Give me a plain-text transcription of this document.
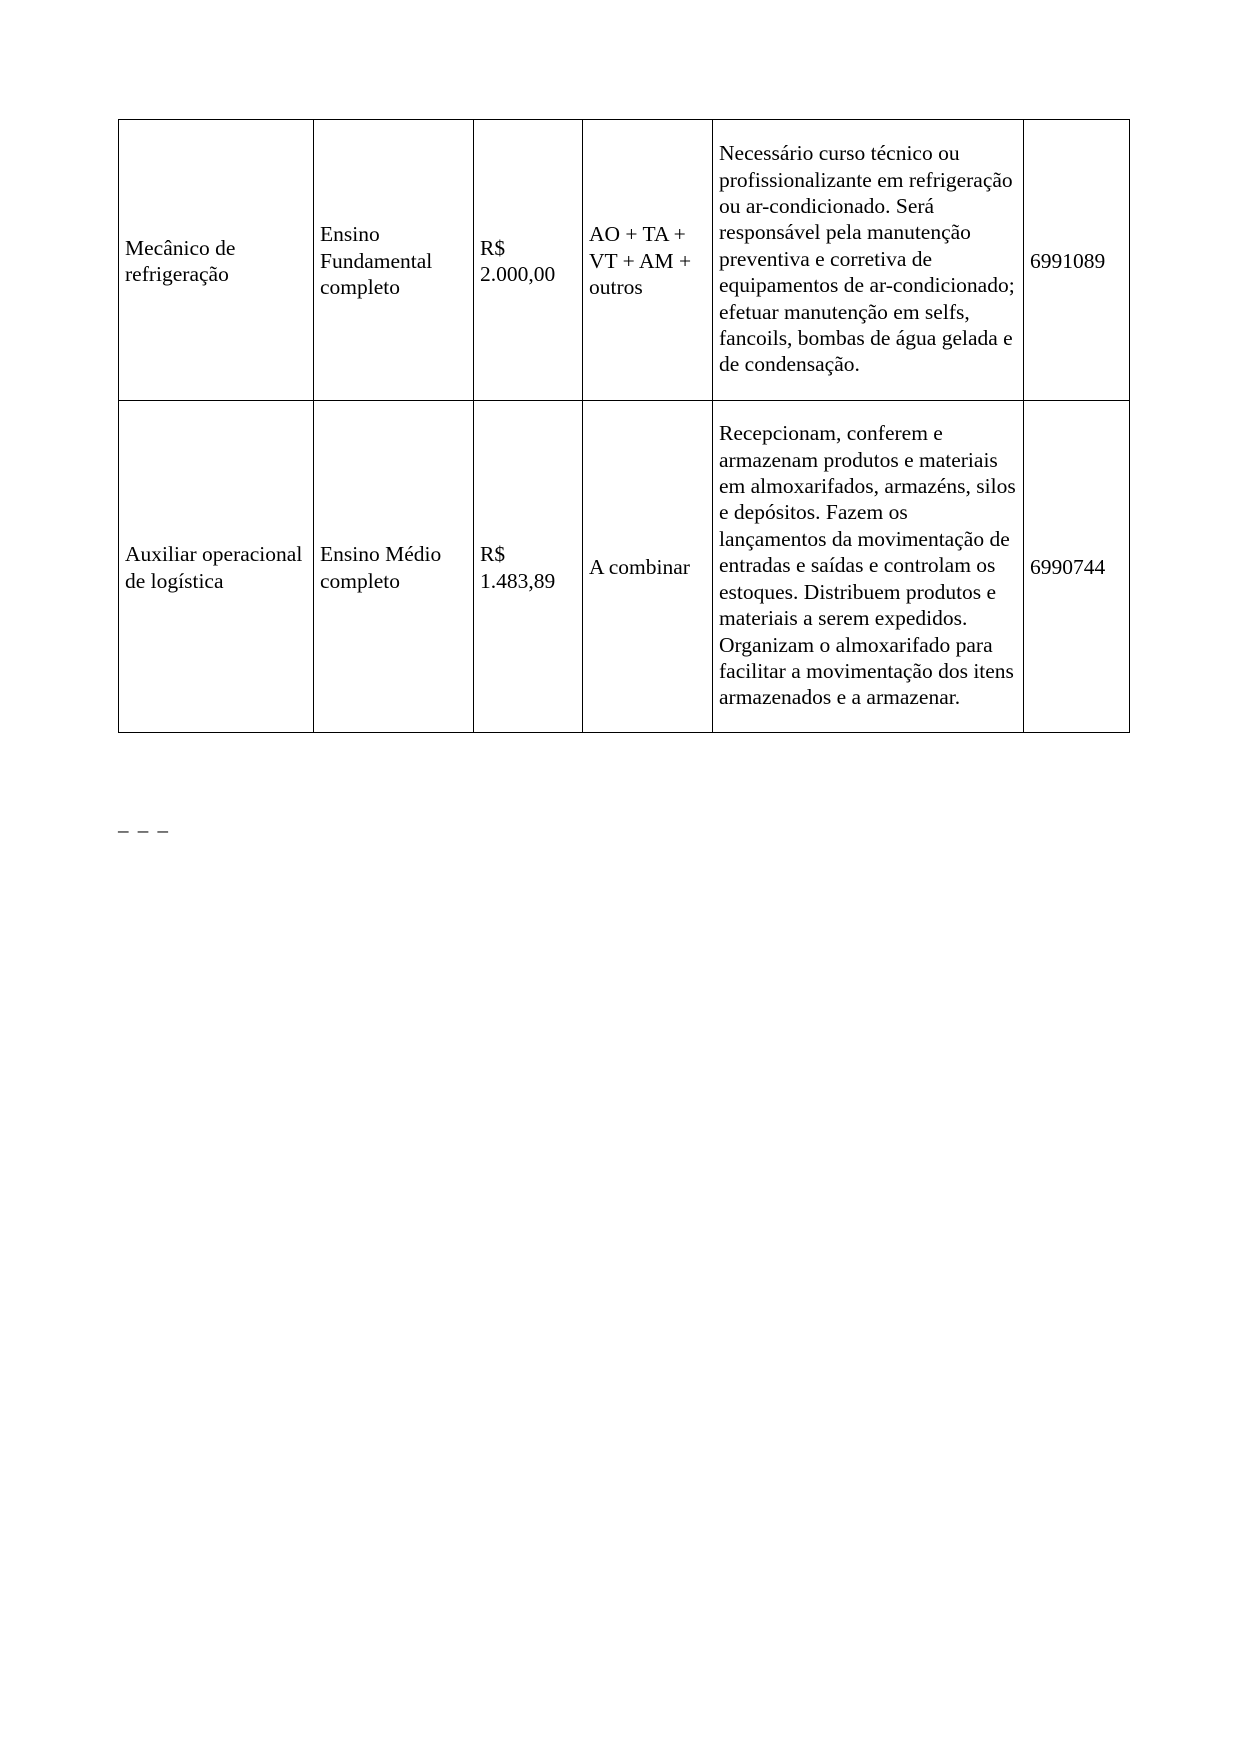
Mecânico de refrigeração	Ensino Fundamental completo	R$ 2.000,00	AO + TA + VT + AM + outros	Necessário curso técnico ou profissionalizante em refrigeração ou ar-condicionado. Será responsável pela manutenção preventiva e corretiva de equipamentos de ar-condicionado; efetuar manutenção em selfs, fancoils, bombas de água gelada e de condensação.	6991089
Auxiliar operacional de logística	Ensino Médio completo	R$ 1.483,89	A combinar	Recepcionam, conferem e armazenam produtos e materiais em almoxarifados, armazéns, silos e depósitos. Fazem os lançamentos da movimentação de entradas e saídas e controlam os estoques. Distribuem produtos e materiais a serem expedidos. Organizam o almoxarifado para facilitar a movimentação dos itens armazenados e a armazenar.	6990744
– – –
